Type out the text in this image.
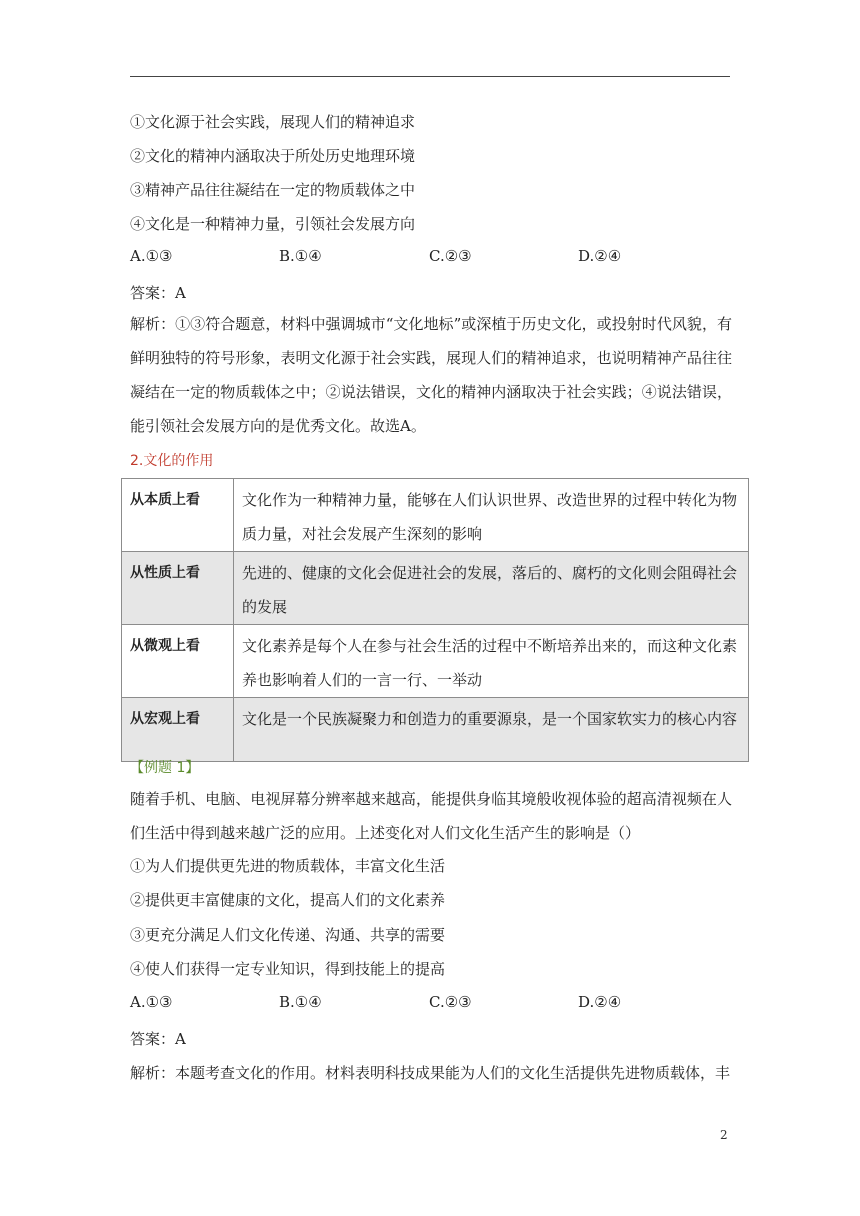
①文化源于社会实践，展现人们的精神追求
②文化的精神内涵取决于所处历史地理环境
③精神产品往往凝结在一定的物质载体之中
④文化是一种精神力量，引领社会发展方向
A.①③	B.①④	C.②③	D.②④
答案：A
解析：①③符合题意，材料中强调城市“文化地标”或深植于历史文化，或投射时代风貌，有鲜明独特的符号形象，表明文化源于社会实践，展现人们的精神追求，也说明精神产品往往凝结在一定的物质载体之中；②说法错误，文化的精神内涵取决于社会实践；④说法错误，能引领社会发展方向的是优秀文化。故选A。
2.文化的作用
从本质上看	文化作为一种精神力量，能够在人们认识世界、改造世界的过程中转化为物质力量，对社会发展产生深刻的影响
从性质上看	先进的、健康的文化会促进社会的发展，落后的、腐朽的文化则会阻碍社会的发展
从微观上看	文化素养是每个人在参与社会生活的过程中不断培养出来的，而这种文化素养也影响着人们的一言一行、一举动
从宏观上看	文化是一个民族凝聚力和创造力的重要源泉，是一个国家软实力的核心内容
【例题 1】
随着手机、电脑、电视屏幕分辨率越来越高，能提供身临其境般收视体验的超高清视频在人们生活中得到越来越广泛的应用。上述变化对人们文化生活产生的影响是（）
①为人们提供更先进的物质载体，丰富文化生活
②提供更丰富健康的文化，提高人们的文化素养
③更充分满足人们文化传递、沟通、共享的需要
④使人们获得一定专业知识，得到技能上的提高
A.①③	B.①④	C.②③	D.②④
答案：A
解析：本题考查文化的作用。材料表明科技成果能为人们的文化生活提供先进物质载体，丰
2
